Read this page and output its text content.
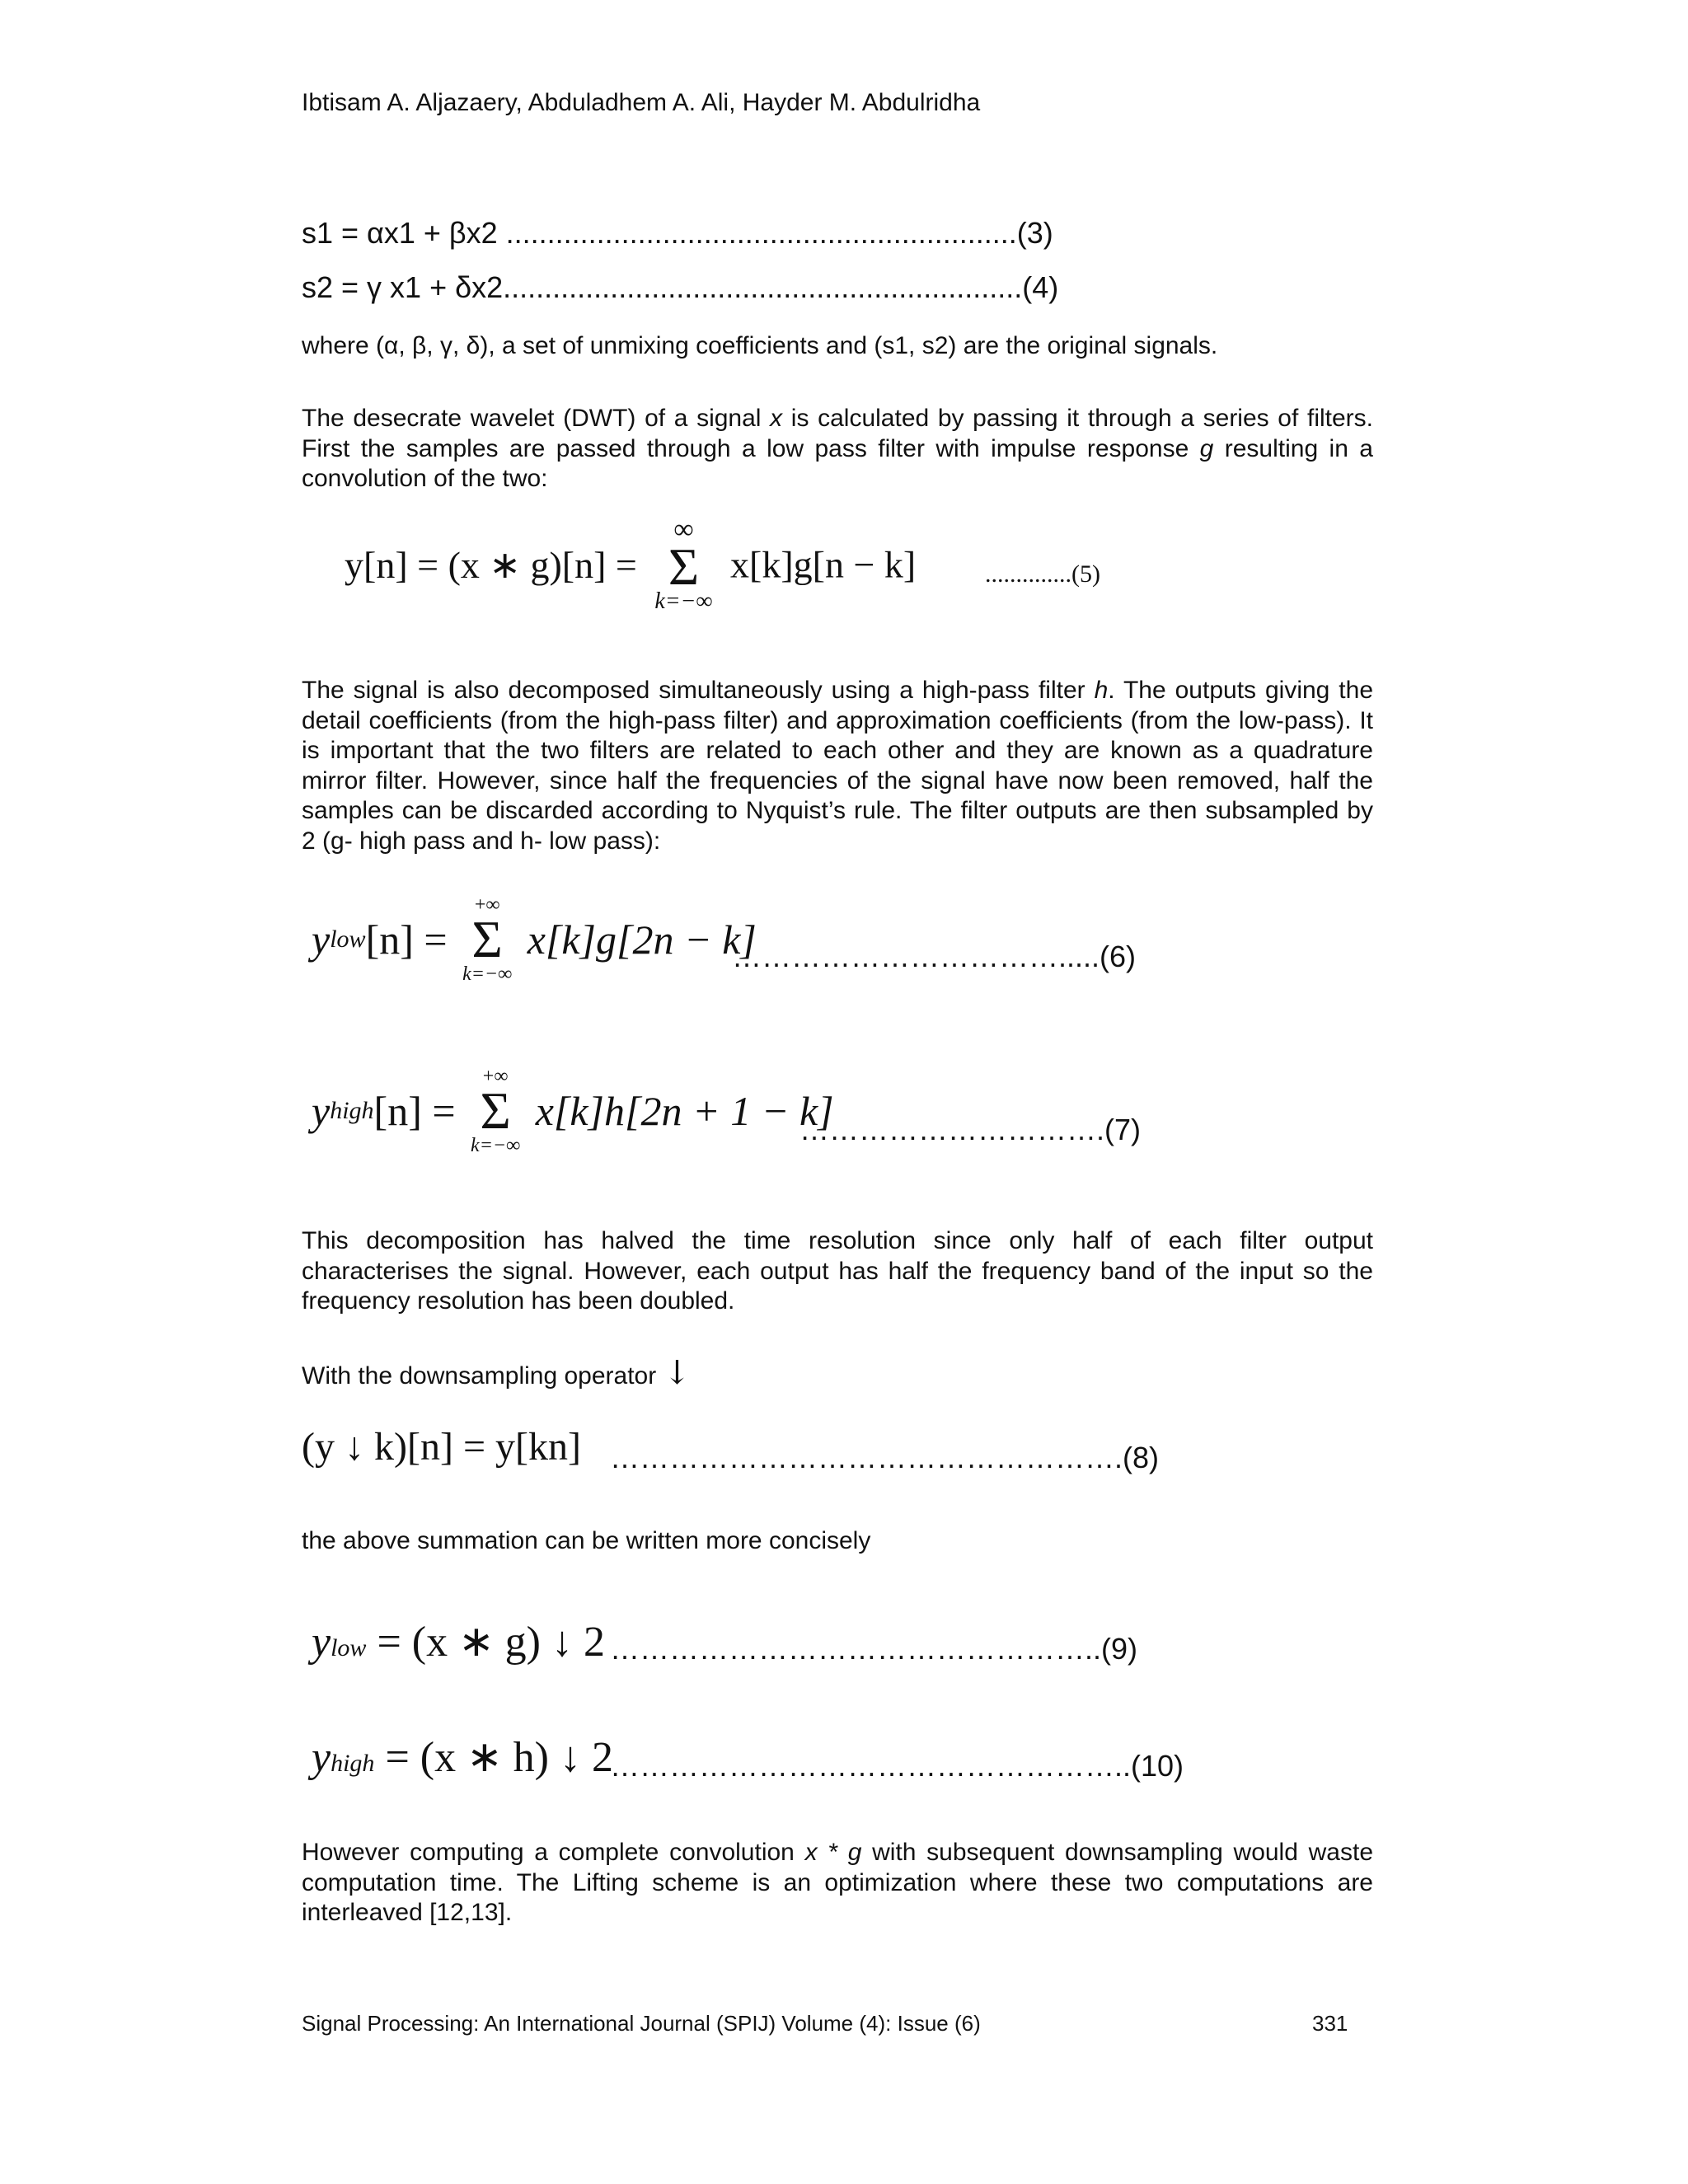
Ibtisam A. Aljazaery, Abduladhem A. Ali, Hayder M. Abdulridha
s1 = αx1 + βx2 ..............................................................(3)
s2 = γ x1 + δx2...............................................................(4)
where (α, β, γ, δ), a set of unmixing coefficients and (s1, s2) are the original signals.
The desecrate wavelet (DWT) of a signal x is calculated by passing it through a series of filters. First the samples are passed through a low pass filter with impulse response g resulting in a convolution of the two:
y[n] = (x ∗ g)[n] =
∞
Σ
k=−∞
x[k]g[n − k]	..............(5)
The signal is also decomposed simultaneously using a high-pass filter h. The outputs giving the detail coefficients (from the high-pass filter) and approximation coefficients (from the low-pass). It is important that the two filters are related to each other and they are known as a quadrature mirror filter. However, since half the frequencies of the signal have now been removed, half the samples can be discarded according to Nyquist’s rule. The filter outputs are then subsampled by 2 (g- high pass and h- low pass):
ylow[n] =
+∞
Σ
k=−∞
x[k]g[2n − k]
…………………………….....(6)
yhigh[n] =
+∞
Σ
k=−∞
x[k]h[2n + 1 − k]
………………………….(7)
This decomposition has halved the time resolution since only half of each filter output characterises the signal. However, each output has half the frequency band of the input so the frequency resolution has been doubled.
With the downsampling operator ↓
(y ↓ k)[n] = y[kn] …………………………………………….(8)
the above summation can be written more concisely
ylow = (x ∗ g) ↓ 2 …………………………………………..(9)
yhigh = (x ∗ h) ↓ 2
……………………………………………..(10)
However computing a complete convolution x * g with subsequent downsampling would waste computation time. The Lifting scheme is an optimization where these two computations are interleaved [12,13].
Signal Processing: An International Journal (SPIJ) Volume (4): Issue (6)	331
